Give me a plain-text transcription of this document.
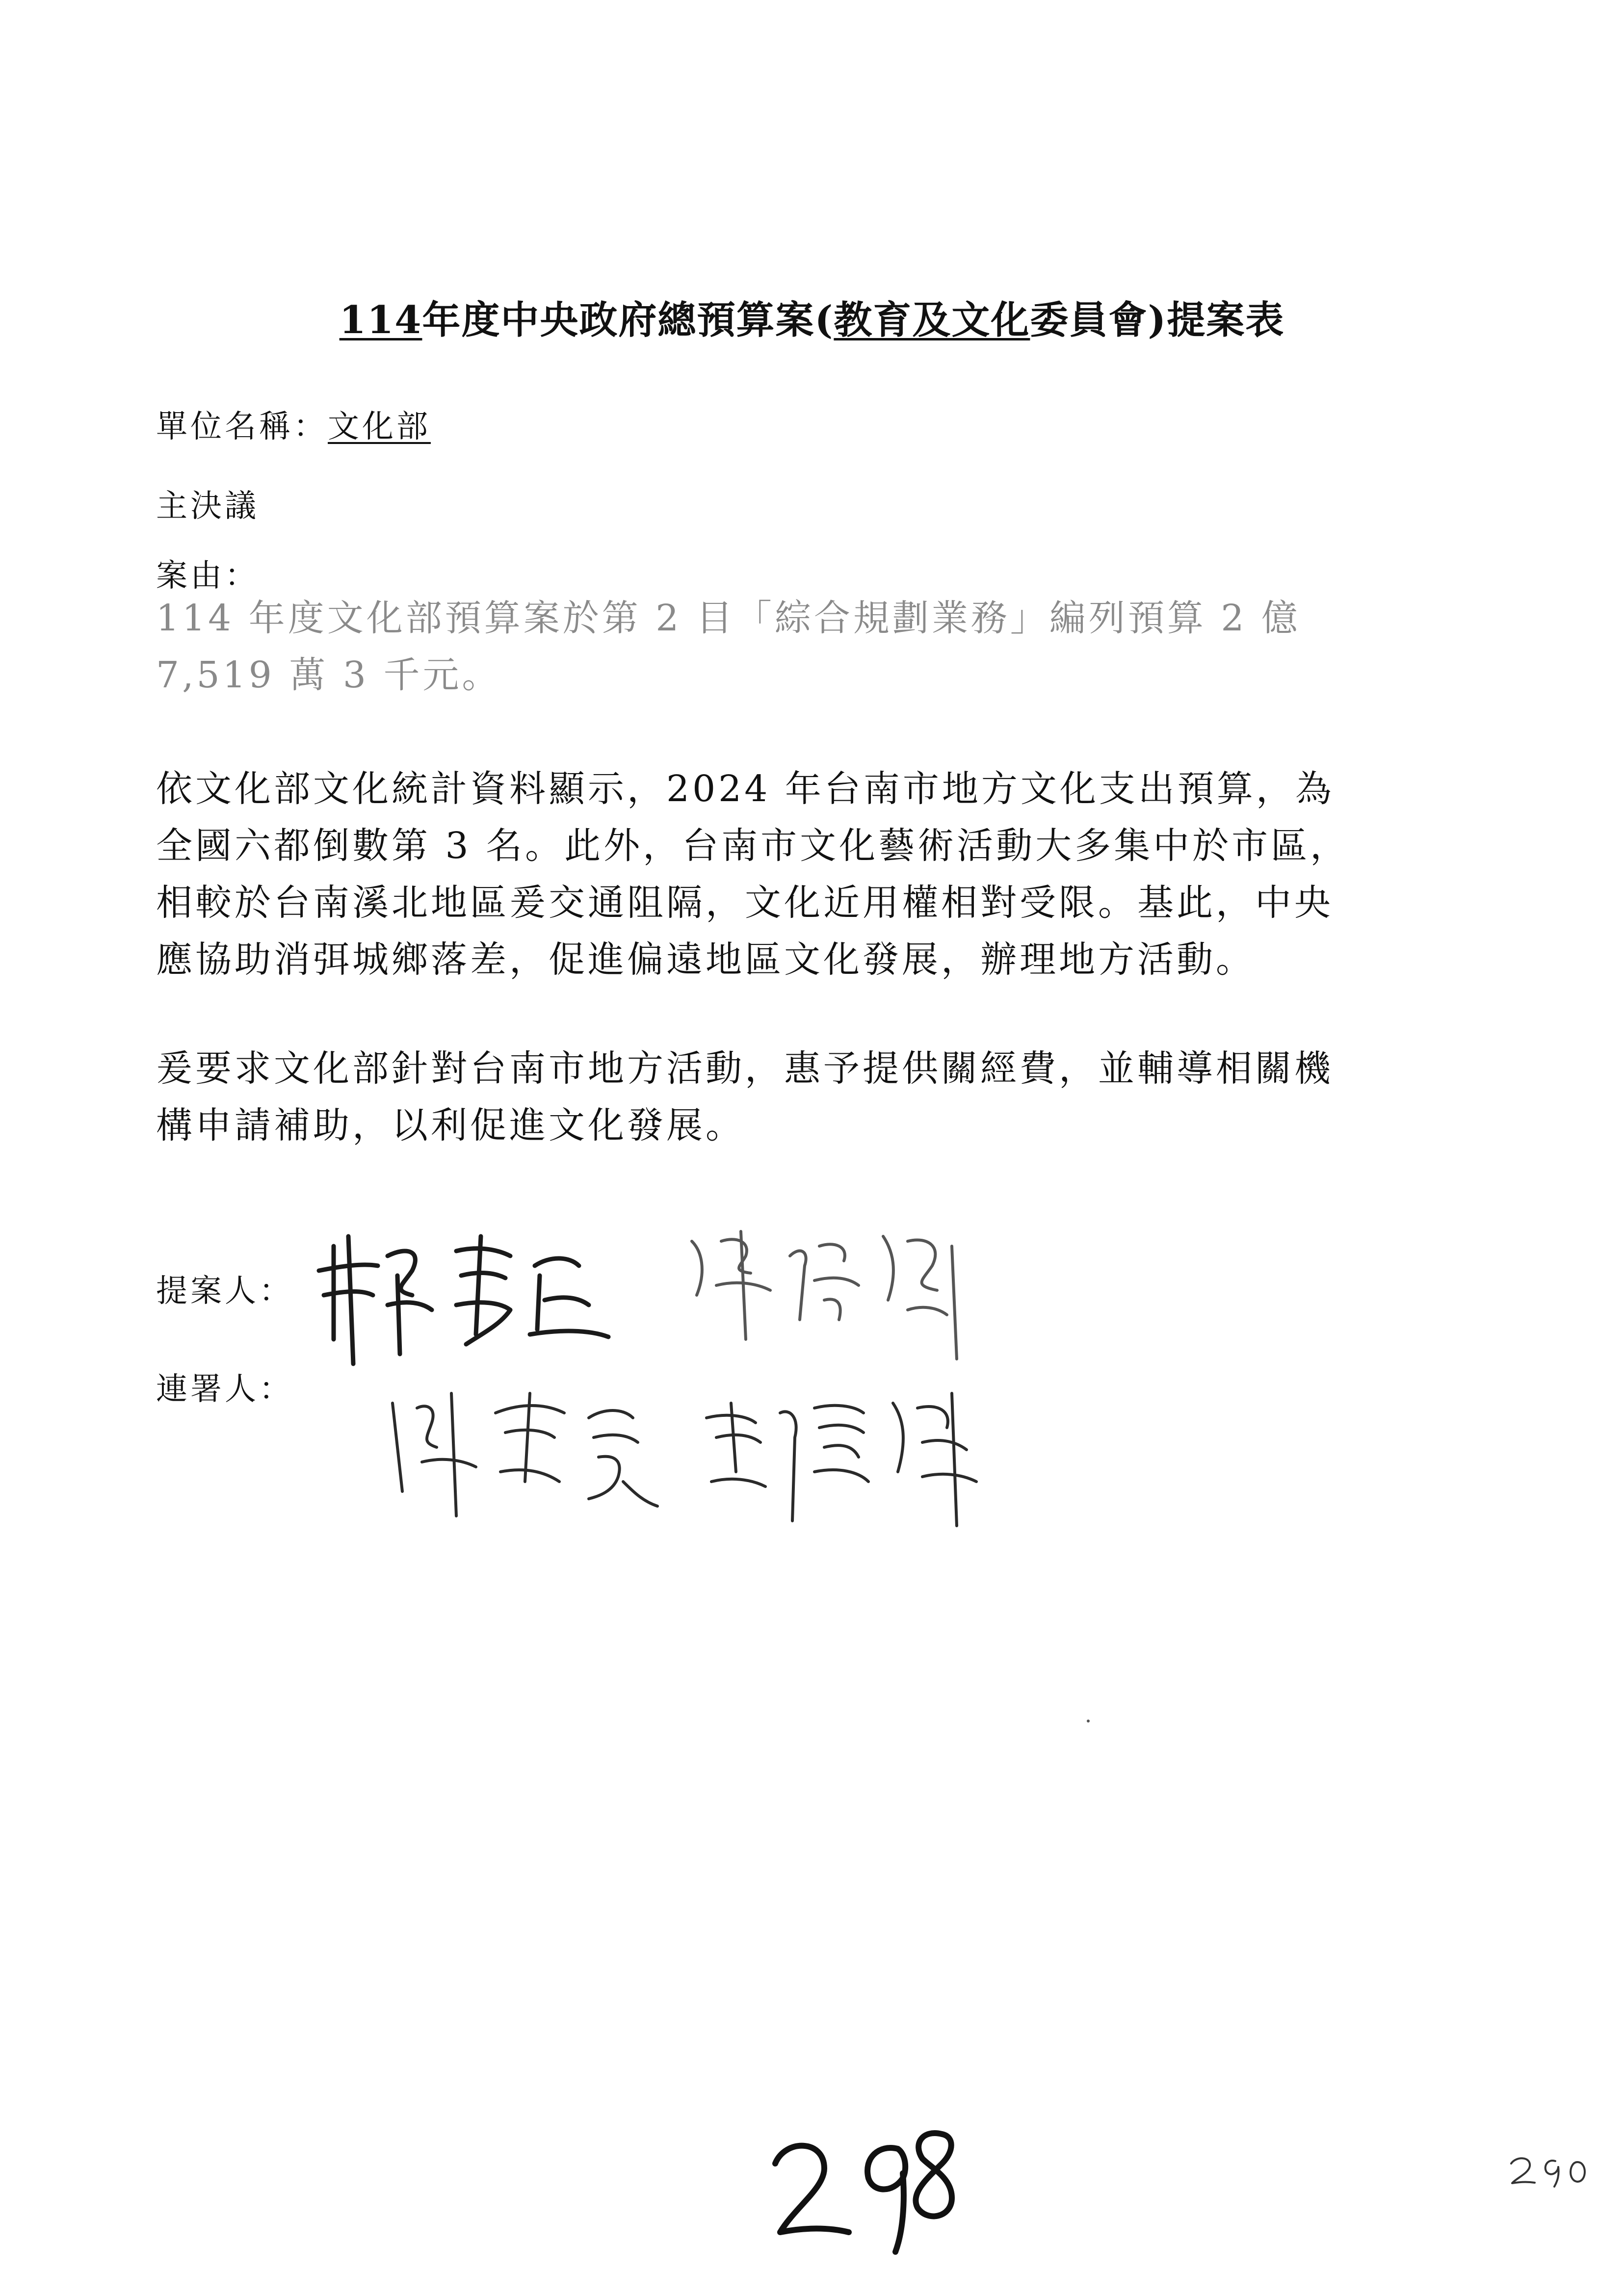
114年度中央政府總預算案(教育及文化委員會)提案表
單位名稱：文化部
主決議
案由：
114 年度文化部預算案於第 2 目「綜合規劃業務」編列預算 2 億
7,519 萬 3 千元。
依文化部文化統計資料顯示，2024 年台南市地方文化支出預算，為
全國六都倒數第 3 名。此外，台南市文化藝術活動大多集中於市區，
相較於台南溪北地區爰交通阻隔，文化近用權相對受限。基此，中央
應協助消弭城鄉落差，促進偏遠地區文化發展，辦理地方活動。
爰要求文化部針對台南市地方活動，惠予提供關經費，並輔導相關機
構申請補助，以利促進文化發展。
提案人：
連署人：
